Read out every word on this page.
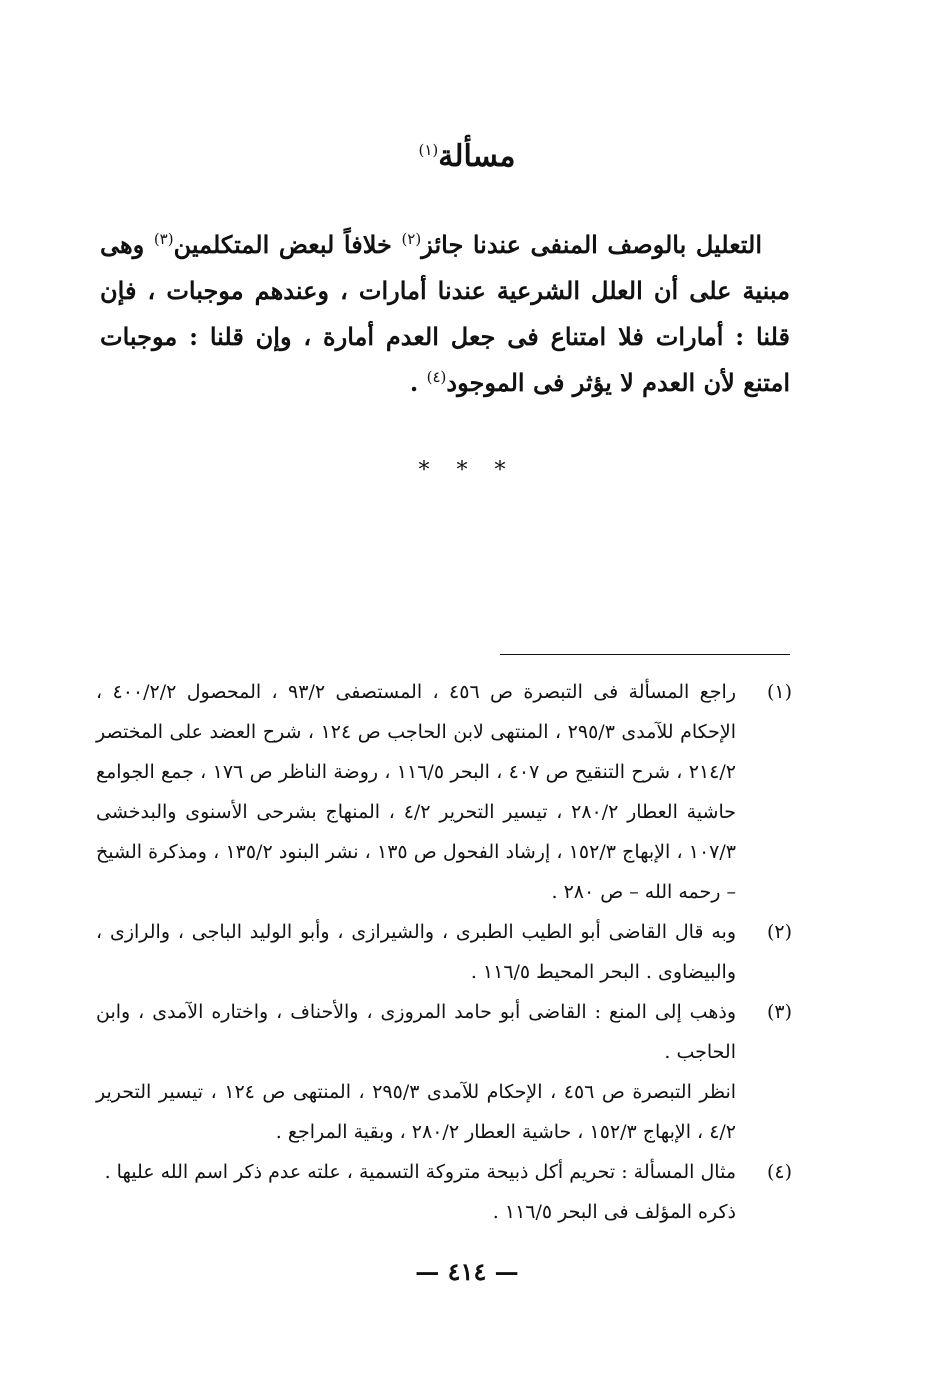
مسألة$^{(١)}$

التعليل بالوصف المنفى عندنا جائز$^{(٢)}$ خلافاً لبعض المتكلمين$^{(٣)}$ وهى مبنية على أن العلل الشرعية عندنا أمارات ، وعندهم موجبات ، فإن قلنا : أمارات فلا امتناع فى جعل العدم أمارة ، وإن قلنا : موجبات امتنع لأن العدم لا يؤثر فى الموجود$^{(٤)}$ .

* * *
(١)
راجع المسألة فى التبصرة ص ٤٥٦ ، المستصفى ٩٣/٢ ، المحصول ٤٠٠/٢/٢ ، الإحكام للآمدى ٢٩٥/٣ ، المنتهى لابن الحاجب ص ١٢٤ ، شرح العضد على المختصر ٢١٤/٢ ، شرح التنقيح ص ٤٠٧ ، البحر ١١٦/٥ ، روضة الناظر ص ١٧٦ ، جمع الجوامع حاشية العطار ٢٨٠/٢ ، تيسير التحرير ٤/٢ ، المنهاج بشرحى الأسنوى والبدخشى ١٠٧/٣ ، الإبهاج ١٥٢/٣ ، إرشاد الفحول ص ١٣٥ ، نشر البنود ١٣٥/٢ ، ومذكرة الشيخ – رحمه الله – ص ٢٨٠ .
(٢)
وبه قال القاضى أبو الطيب الطبرى ، والشيرازى ، وأبو الوليد الباجى ، والرازى ، والبيضاوى . البحر المحيط ١١٦/٥ .
(٣)
وذهب إلى المنع : القاضى أبو حامد المروزى ، والأحناف ، واختاره الآمدى ، وابن الحاجب .
انظر التبصرة ص ٤٥٦ ، الإحكام للآمدى ٢٩٥/٣ ، المنتهى ص ١٢٤ ، تيسير التحرير ٤/٢ ، الإبهاج ١٥٢/٣ ، حاشية العطار ٢٨٠/٢ ، وبقية المراجع .
(٤)
مثال المسألة : تحريم أكل ذبيحة متروكة التسمية ، علته عدم ذكر اسم الله عليها .
ذكره المؤلف فى البحر ١١٦/٥ .
— ٤١٤ —
